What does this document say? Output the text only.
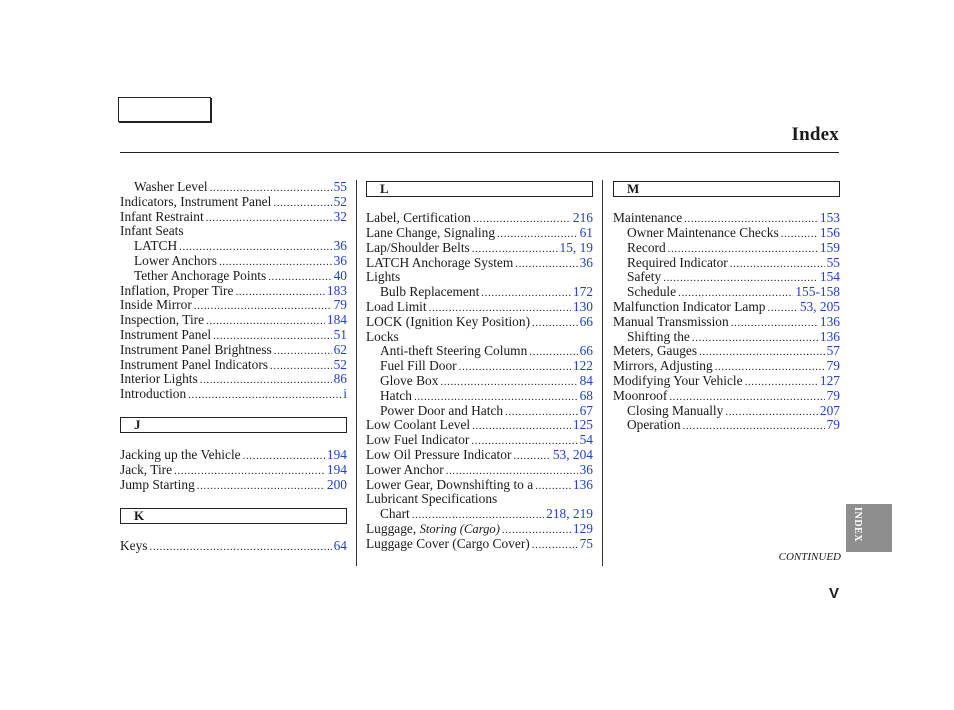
Index
Washer Level .....	55
Indicators, Instrument Panel .....	52
Infant Restraint .....	32
Infant Seats
LATCH .....	36
Lower Anchors .....	36
Tether Anchorage Points .....	40
Inflation, Proper Tire .....	183
Inside Mirror .....	79
Inspection, Tire .....	184
Instrument Panel .....	51
Instrument Panel Brightness .....	62
Instrument Panel Indicators .....	52
Interior Lights .....	86
Introduction .....	i
J
Jacking up the Vehicle .....	194
Jack, Tire .....	194
Jump Starting .....	200
K
Keys .....	64
L
Label, Certification .....	216
Lane Change, Signaling .....	61
Lap/Shoulder Belts .....	15, 19
LATCH Anchorage System .....	36
Lights
Bulb Replacement .....	172
Load Limit .....	130
LOCK (Ignition Key Position) .....	66
Locks
Anti-theft Steering Column .....	66
Fuel Fill Door .....	122
Glove Box .....	84
Hatch .....	68
Power Door and Hatch .....	67
Low Coolant Level .....	125
Low Fuel Indicator .....	54
Low Oil Pressure Indicator .....	53, 204
Lower Anchor .....	36
Lower Gear, Downshifting to a .....	136
Lubricant Specifications
Chart .....	218, 219
Luggage, Storing (Cargo) .....	129
Luggage Cover (Cargo Cover) .....	75
M
Maintenance .....	153
Owner Maintenance Checks .....	156
Record .....	159
Required Indicator .....	55
Safety .....	154
Schedule .....	155-158
Malfunction Indicator Lamp .....	53, 205
Manual Transmission .....	136
Shifting the .....	136
Meters, Gauges .....	57
Mirrors, Adjusting .....	79
Modifying Your Vehicle .....	127
Moonroof .....	79
Closing Manually .....	207
Operation .....	79
INDEX
CONTINUED
V
